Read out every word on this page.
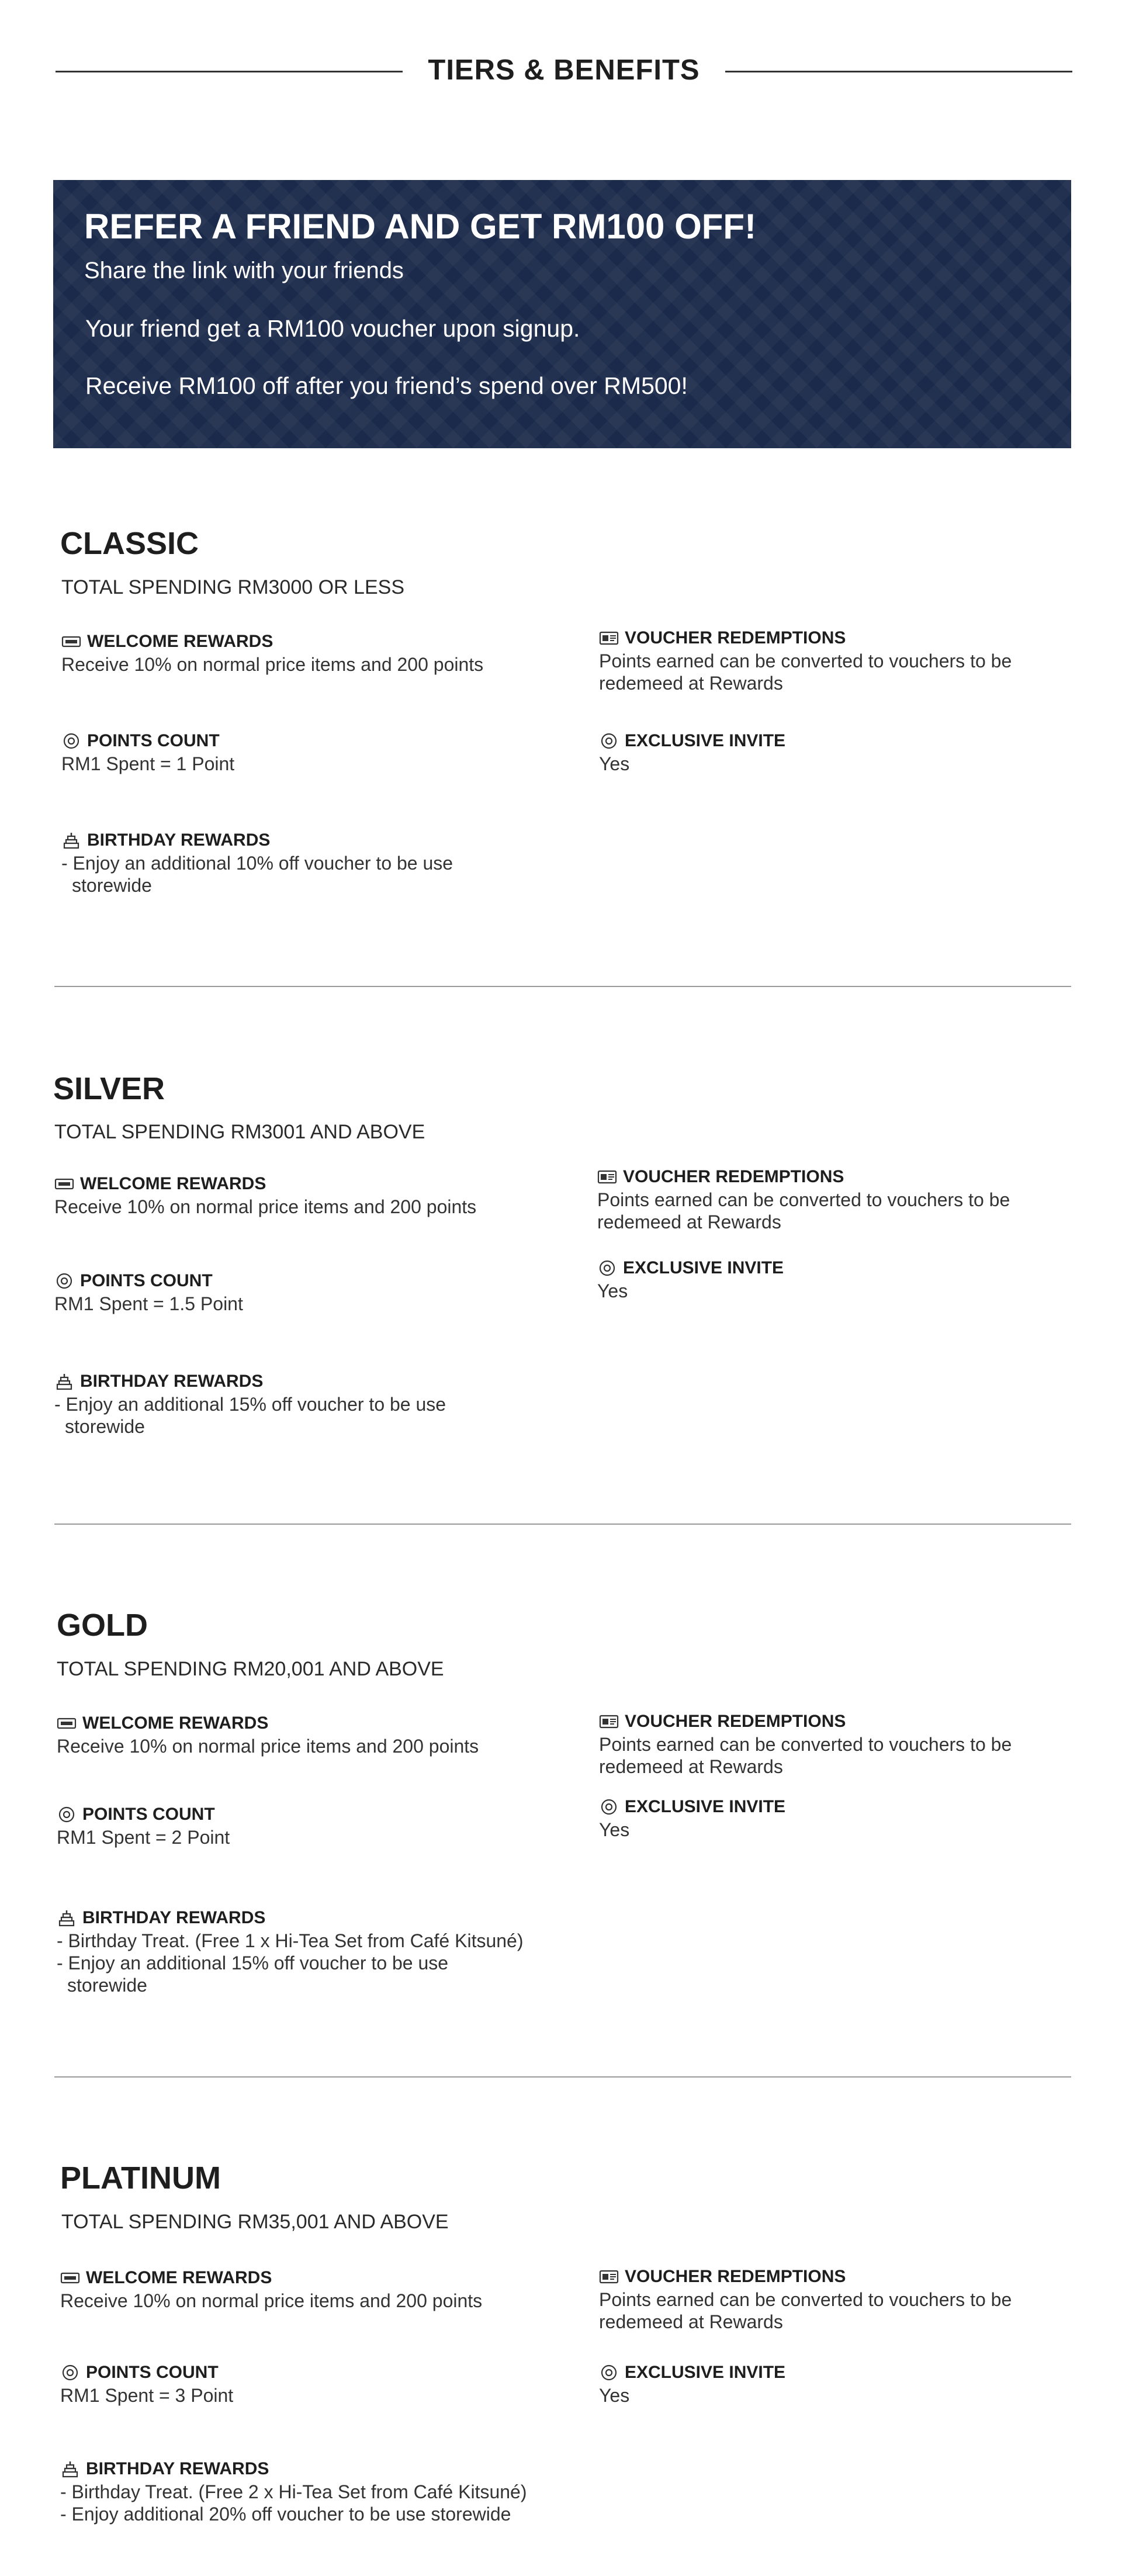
TIERS & BENEFITS
REFER A FRIEND AND GET RM100 OFF!
Share the link with your friends
Your friend get a RM100 voucher upon signup.
Receive RM100 off after you friend’s spend over RM500!
CLASSIC
TOTAL SPENDING RM3000 OR LESS
WELCOME REWARDS
Receive 10% on normal price items and 200 points
POINTS COUNT
RM1 Spent = 1 Point
BIRTHDAY REWARDS
- Enjoy an additional 10% off voucher to be use
storewide
VOUCHER REDEMPTIONS
Points earned can be converted to vouchers to be
redemeed at Rewards
EXCLUSIVE INVITE
Yes
SILVER
TOTAL SPENDING RM3001 AND ABOVE
WELCOME REWARDS
Receive 10% on normal price items and 200 points
POINTS COUNT
RM1 Spent = 1.5 Point
BIRTHDAY REWARDS
- Enjoy an additional 15% off voucher to be use
storewide
VOUCHER REDEMPTIONS
Points earned can be converted to vouchers to be
redemeed at Rewards
EXCLUSIVE INVITE
Yes
GOLD
TOTAL SPENDING RM20,001 AND ABOVE
WELCOME REWARDS
Receive 10% on normal price items and 200 points
POINTS COUNT
RM1 Spent = 2 Point
BIRTHDAY REWARDS
- Birthday Treat. (Free 1 x Hi-Tea Set from Café Kitsuné)
- Enjoy an additional 15% off voucher to be use
storewide
VOUCHER REDEMPTIONS
Points earned can be converted to vouchers to be
redemeed at Rewards
EXCLUSIVE INVITE
Yes
PLATINUM
TOTAL SPENDING RM35,001 AND ABOVE
WELCOME REWARDS
Receive 10% on normal price items and 200 points
POINTS COUNT
RM1 Spent = 3 Point
BIRTHDAY REWARDS
- Birthday Treat. (Free 2 x Hi-Tea Set from Café Kitsuné)
- Enjoy additional 20% off voucher to be use storewide
VOUCHER REDEMPTIONS
Points earned can be converted to vouchers to be
redemeed at Rewards
EXCLUSIVE INVITE
Yes
